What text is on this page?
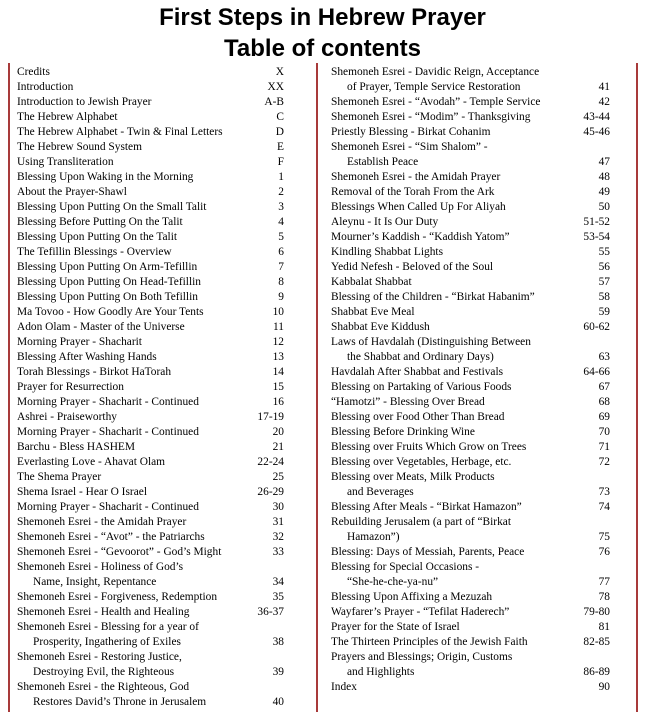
First Steps in Hebrew Prayer
Table of contents
Credits	X
Introduction	XX
Introduction to Jewish Prayer	A-B
The Hebrew Alphabet	C
The Hebrew Alphabet - Twin & Final Letters	D
The Hebrew Sound System	E
Using Transliteration	F
Blessing Upon Waking in the Morning	1
About the Prayer-Shawl	2
Blessing Upon Putting On the Small Talit	3
Blessing Before Putting On the Talit	4
Blessing Upon Putting On the Talit	5
The Tefillin Blessings - Overview	6
Blessing Upon Putting On Arm-Tefillin	7
Blessing Upon Putting On Head-Tefillin	8
Blessing Upon Putting On Both Tefillin	9
Ma Tovoo - How Goodly Are Your Tents	10
Adon Olam - Master of the Universe	11
Morning Prayer - Shacharit	12
Blessing After Washing Hands	13
Torah Blessings - Birkot HaTorah	14
Prayer for Resurrection	15
Morning Prayer - Shacharit - Continued	16
Ashrei - Praiseworthy	17-19
Morning Prayer - Shacharit - Continued	20
Barchu - Bless HASHEM	21
Everlasting Love - Ahavat Olam	22-24
The Shema Prayer	25
Shema Israel - Hear O Israel	26-29
Morning Prayer - Shacharit - Continued	30
Shemoneh Esrei - the Amidah Prayer	31
Shemoneh Esrei - “Avot” - the Patriarchs	32
Shemoneh Esrei - “Gevoorot” - God’s Might	33
Shemoneh Esrei - Holiness of God’s
Name, Insight, Repentance	34
Shemoneh Esrei - Forgiveness, Redemption	35
Shemoneh Esrei - Health and Healing	36-37
Shemoneh Esrei - Blessing for a year of
Prosperity, Ingathering of Exiles	38
Shemoneh Esrei - Restoring Justice,
Destroying Evil, the Righteous	39
Shemoneh Esrei - the Righteous, God
Restores David’s Throne in Jerusalem	40
Shemoneh Esrei - Davidic Reign, Acceptance
of Prayer, Temple Service Restoration	41
Shemoneh Esrei - “Avodah” - Temple Service	42
Shemoneh Esrei - “Modim” - Thanksgiving	43-44
Priestly Blessing - Birkat Cohanim	45-46
Shemoneh Esrei - “Sim Shalom” -
Establish Peace	47
Shemoneh Esrei - the Amidah Prayer	48
Removal of the Torah From the Ark	49
Blessings When Called Up For Aliyah	50
Aleynu - It Is Our Duty	51-52
Mourner’s Kaddish - “Kaddish Yatom”	53-54
Kindling Shabbat Lights	55
Yedid Nefesh - Beloved of the Soul	56
Kabbalat Shabbat	57
Blessing of the Children - “Birkat Habanim”	58
Shabbat Eve Meal	59
Shabbat Eve Kiddush	60-62
Laws of Havdalah (Distinguishing Between
the Shabbat and Ordinary Days)	63
Havdalah After Shabbat and Festivals	64-66
Blessing on Partaking of Various Foods	67
“Hamotzi” - Blessing Over Bread	68
Blessing over Food Other Than Bread	69
Blessing Before Drinking Wine	70
Blessing over Fruits Which Grow on Trees	71
Blessing over Vegetables, Herbage, etc.	72
Blessing over Meats, Milk Products
and Beverages	73
Blessing After Meals - “Birkat Hamazon”	74
Rebuilding Jerusalem (a part of “Birkat
Hamazon”)	75
Blessing: Days of Messiah, Parents, Peace	76
Blessing for Special Occasions -
“She-he-che-ya-nu”	77
Blessing Upon Affixing a Mezuzah	78
Wayfarer’s Prayer - “Tefilat Haderech”	79-80
Prayer for the State of Israel	81
The Thirteen Principles of the Jewish Faith	82-85
Prayers and Blessings; Origin, Customs
and Highlights	86-89
Index	90
